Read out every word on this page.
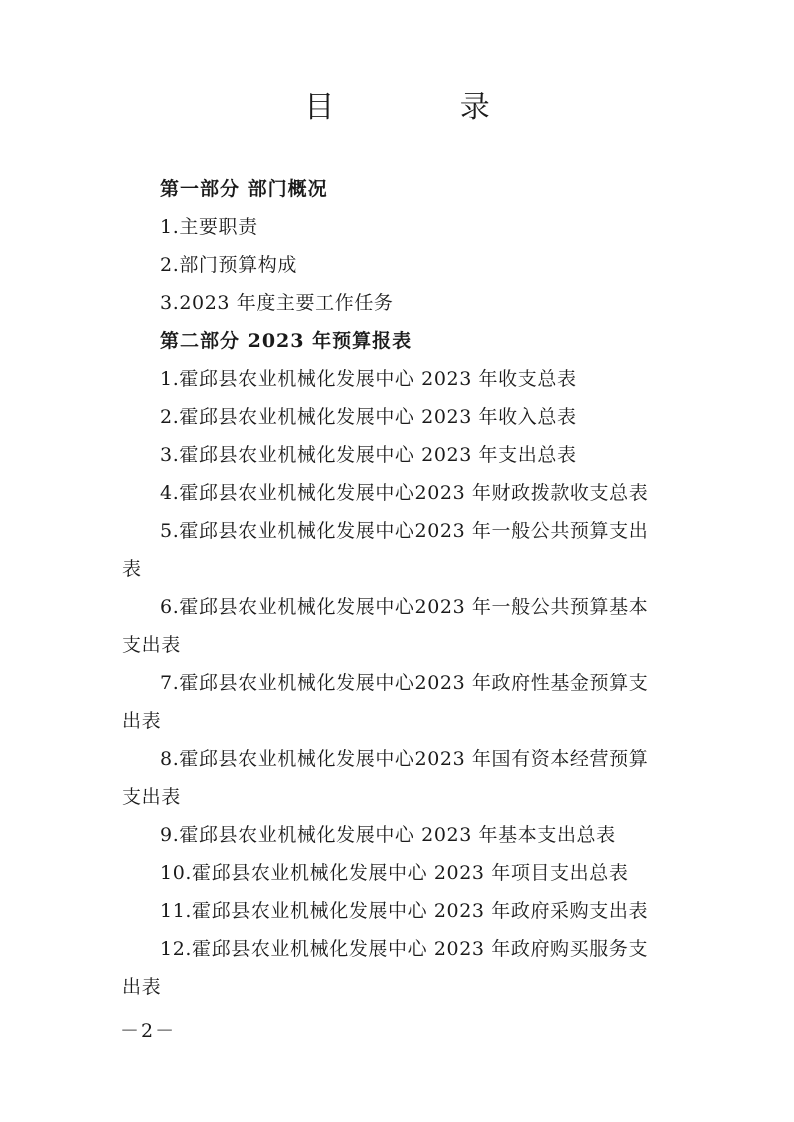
目 录
第一部分 部门概况
1.主要职责
2.部门预算构成
3.2023 年度主要工作任务
第二部分 2023 年预算报表
1.霍邱县农业机械化发展中心 2023 年收支总表
2.霍邱县农业机械化发展中心 2023 年收入总表
3.霍邱县农业机械化发展中心 2023 年支出总表
4.霍邱县农业机械化发展中心2023 年财政拨款收支总表
5.霍邱县农业机械化发展中心2023 年一般公共预算支出
表
6.霍邱县农业机械化发展中心2023 年一般公共预算基本
支出表
7.霍邱县农业机械化发展中心2023 年政府性基金预算支
出表
8.霍邱县农业机械化发展中心2023 年国有资本经营预算
支出表
9.霍邱县农业机械化发展中心 2023 年基本支出总表
10.霍邱县农业机械化发展中心 2023 年项目支出总表
11.霍邱县农业机械化发展中心 2023 年政府采购支出表
12.霍邱县农业机械化发展中心 2023 年政府购买服务支
出表
－2－
